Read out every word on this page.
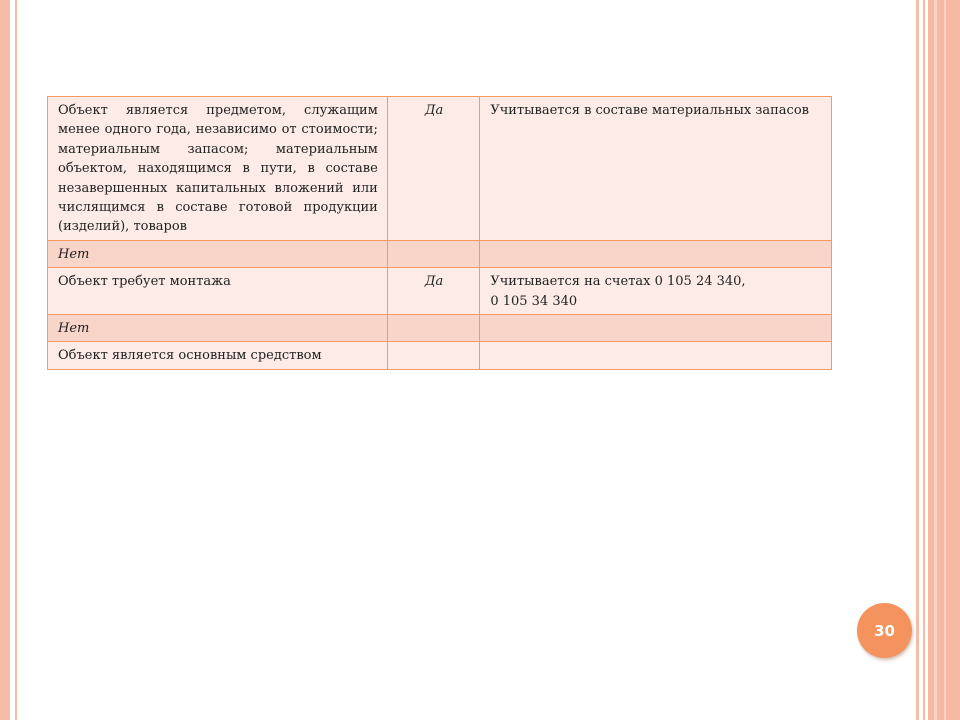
Объект является предметом, служащим менее одного года, независимо от стоимости; материальным запасом; материальным объектом, находящимся в пути, в составе незавершенных капитальных вложений или числящимся в составе готовой продукции (изделий), товаров	Да	Учитывается в составе материальных запасов
Нет		
Объект требует монтажа	Да	Учитывается на счетах 0 105 24 340,
0 105 34 340

Нет		
Объект является основным средством		
30
